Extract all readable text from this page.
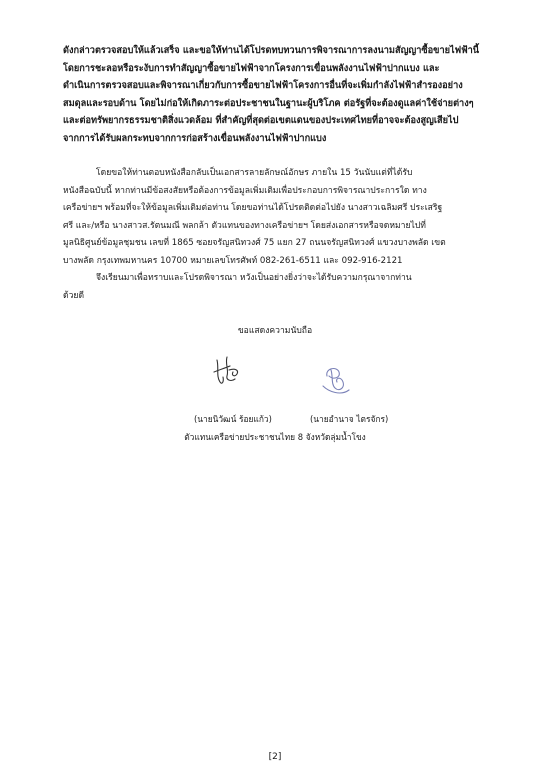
ดังกล่าวตรวจสอบให้แล้วเสร็จ และขอให้ท่านได้โปรดทบทวนการพิจารณาการลงนามสัญญาซื้อขายไฟฟ้านี้
โดยการชะลอหรือระงับการทำสัญญาซื้อขายไฟฟ้าจากโครงการเขื่อนพลังงานไฟฟ้าปากแบง และ
ดำเนินการตรวจสอบและพิจารณาเกี่ยวกับการซื้อขายไฟฟ้าโครงการอื่นที่จะเพิ่มกำลังไฟฟ้าสำรองอย่าง
สมดุลและรอบด้าน โดยไม่ก่อให้เกิดภาระต่อประชาชนในฐานะผู้บริโภค ต่อรัฐที่จะต้องดูแลค่าใช้จ่ายต่างๆ
และต่อทรัพยากรธรรมชาติสิ่งแวดล้อม ที่สำคัญที่สุดต่อเขตแดนของประเทศไทยที่อาจจะต้องสูญเสียไป
จากการได้รับผลกระทบจากการก่อสร้างเขื่อนพลังงานไฟฟ้าปากแบง
โดยขอให้ท่านตอบหนังสือกลับเป็นเอกสารลายลักษณ์อักษร ภายใน 15 วันนับแต่ที่ได้รับ
หนังสือฉบับนี้ หากท่านมีข้อสงสัยหรือต้องการข้อมูลเพิ่มเติมเพื่อประกอบการพิจารณาประการใด ทาง
เครือข่ายฯ พร้อมที่จะให้ข้อมูลเพิ่มเติมต่อท่าน โดยขอท่านได้โปรดติดต่อไปยัง นางสาวเฉลิมศรี ประเสริฐ
ศรี และ/หรือ นางสาวส.รัตนมณี พลกล้า ตัวแทนของทางเครือข่ายฯ โดยส่งเอกสารหรือจดหมายไปที่
มูลนิธิศูนย์ข้อมูลชุมชน เลขที่ 1865 ซอยจรัญสนิทวงศ์ 75 แยก 27 ถนนจรัญสนิทวงศ์ แขวงบางพลัด เขต
บางพลัด กรุงเทพมหานคร 10700 หมายเลขโทรศัพท์ 082-261-6511 และ 092-916-2121
จึงเรียนมาเพื่อทราบและโปรดพิจารณา หวังเป็นอย่างยิ่งว่าจะได้รับความกรุณาจากท่าน
ด้วยดี
ขอแสดงความนับถือ
(นายนิวัฒน์ ร้อยแก้ว)	(นายอำนาจ ไตรจักร)
ตัวแทนเครือข่ายประชาชนไทย 8 จังหวัดลุ่มน้ำโขง
[2]
